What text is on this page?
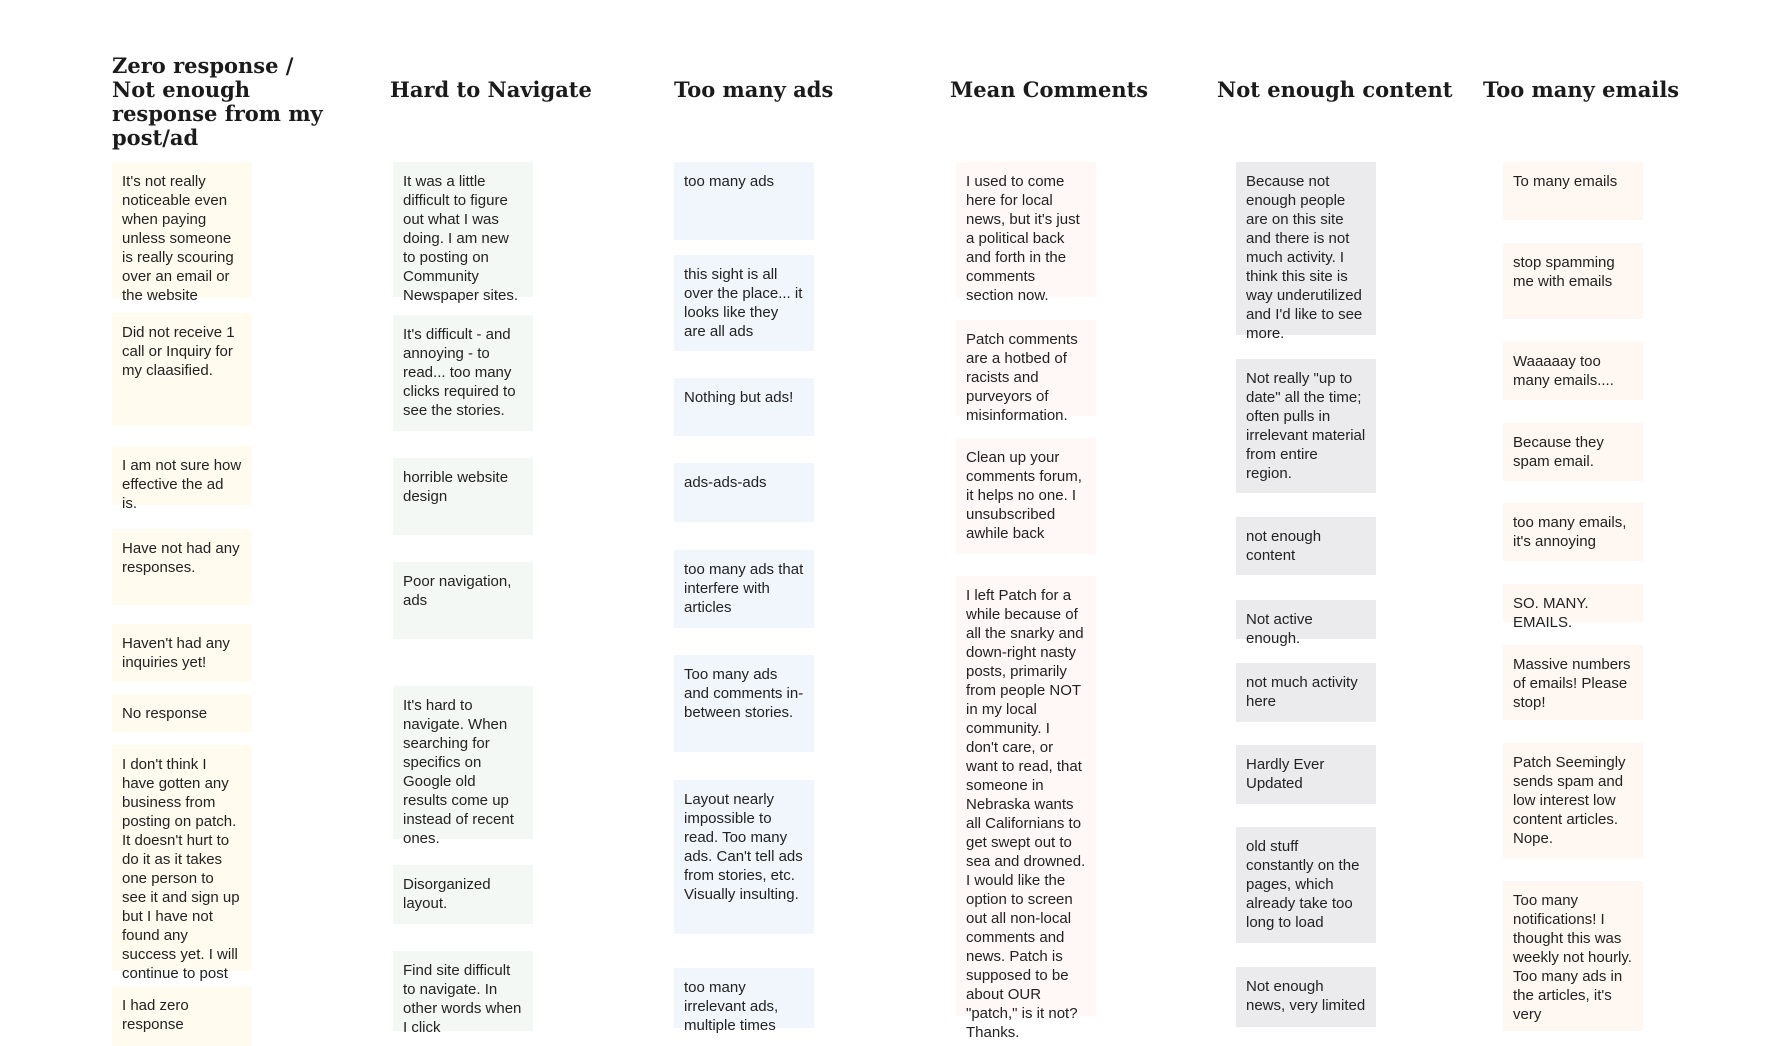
Zero response / Not enough response from my post/ad
It's not really noticeable even when paying unless someone is really scouring over an email or the website
Did not receive 1 call or Inquiry for my claasified.
I am not sure how effective the ad is.
Have not had any responses.
Haven't had any inquiries yet!
No response
I don't think I have gotten any business from posting on patch. It doesn't hurt to do it as it takes one person to see it and sign up but I have not found any success yet. I will continue to post
I had zero response
Hard to Navigate
It was a little difficult to figure out what I was doing. I am new to posting on Community Newspaper sites.
It's difficult - and annoying - to read... too many clicks required to see the stories.
horrible website design
Poor navigation, ads
It's hard to navigate. When searching for specifics on Google old results come up instead of recent ones.
Disorganized layout.
Find site difficult to navigate. In other words when I click
Too many ads
too many ads
this sight is all over the place... it looks like they are all ads
Nothing but ads!
ads-ads-ads
too many ads that interfere with articles
Too many ads and comments in-between stories.
Layout nearly impossible to read. Too many ads. Can't tell ads from stories, etc. Visually insulting.
too many irrelevant ads, multiple times
Mean Comments
I used to come here for local news, but it's just a political back and forth in the comments section now.
Patch comments are a hotbed of racists and purveyors of misinformation.
Clean up your comments forum, it helps no one. I unsubscribed awhile back
I left Patch for a while because of all the snarky and down-right nasty posts, primarily from people NOT in my local community. I don't care, or want to read, that someone in Nebraska wants all Californians to get swept out to sea and drowned. I would like the option to screen out all non-local comments and news. Patch is supposed to be about OUR "patch," is it not? Thanks.
Not enough content
Because not enough people are on this site and there is not much activity. I think this site is way underutilized and I'd like to see more.
Not really "up to date" all the time; often pulls in irrelevant material from entire region.
not enough content
Not active enough.
not much activity here
Hardly Ever Updated
old stuff constantly on the pages, which already take too long to load
Not enough news, very limited
Too many emails
To many emails
stop spamming me with emails
Waaaaay too many emails....
Because they spam email.
too many emails, it's annoying
SO. MANY. EMAILS.
Massive numbers of emails! Please stop!
Patch Seemingly sends spam and low interest low content articles. Nope.
Too many notifications! I thought this was weekly not hourly. Too many ads in the articles, it's very
